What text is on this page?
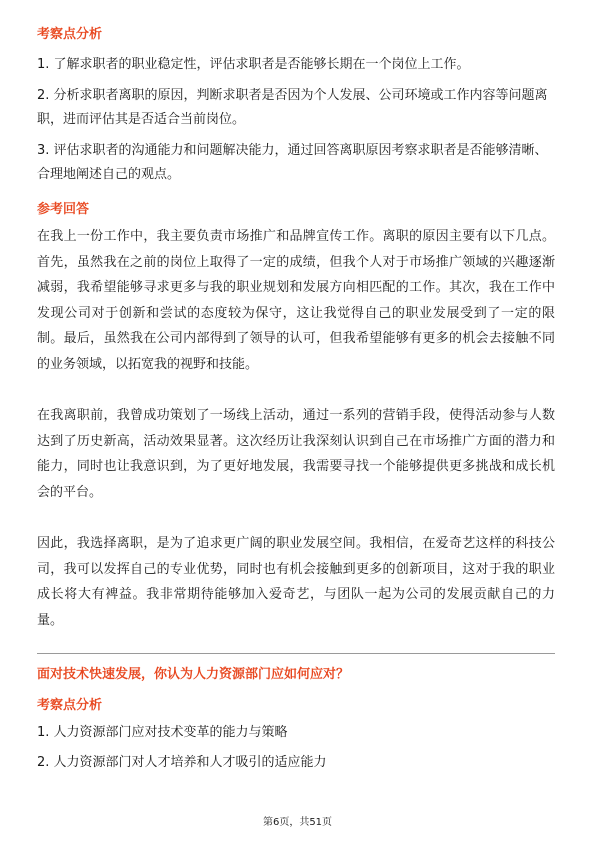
考察点分析

1. 了解求职者的职业稳定性，评估求职者是否能够长期在一个岗位上工作。

2. 分析求职者离职的原因，判断求职者是否因为个人发展、公司环境或工作内容等问题离职，进而评估其是否适合当前岗位。

3. 评估求职者的沟通能力和问题解决能力，通过回答离职原因考察求职者是否能够清晰、合理地阐述自己的观点。

参考回答

在我上一份工作中，我主要负责市场推广和品牌宣传工作。离职的原因主要有以下几点。首先，虽然我在之前的岗位上取得了一定的成绩，但我个人对于市场推广领域的兴趣逐渐减弱，我希望能够寻求更多与我的职业规划和发展方向相匹配的工作。其次，我在工作中发现公司对于创新和尝试的态度较为保守，这让我觉得自己的职业发展受到了一定的限制。最后，虽然我在公司内部得到了领导的认可，但我希望能够有更多的机会去接触不同的业务领域，以拓宽我的视野和技能。

在我离职前，我曾成功策划了一场线上活动，通过一系列的营销手段，使得活动参与人数达到了历史新高，活动效果显著。这次经历让我深刻认识到自己在市场推广方面的潜力和能力，同时也让我意识到，为了更好地发展，我需要寻找一个能够提供更多挑战和成长机会的平台。

因此，我选择离职，是为了追求更广阔的职业发展空间。我相信，在爱奇艺这样的科技公司，我可以发挥自己的专业优势，同时也有机会接触到更多的创新项目，这对于我的职业成长将大有裨益。我非常期待能够加入爱奇艺，与团队一起为公司的发展贡献自己的力量。

面对技术快速发展，你认为人力资源部门应如何应对？

考察点分析

1. 人力资源部门应对技术变革的能力与策略

2. 人力资源部门对人才培养和人才吸引的适应能力

第6页，共51页
